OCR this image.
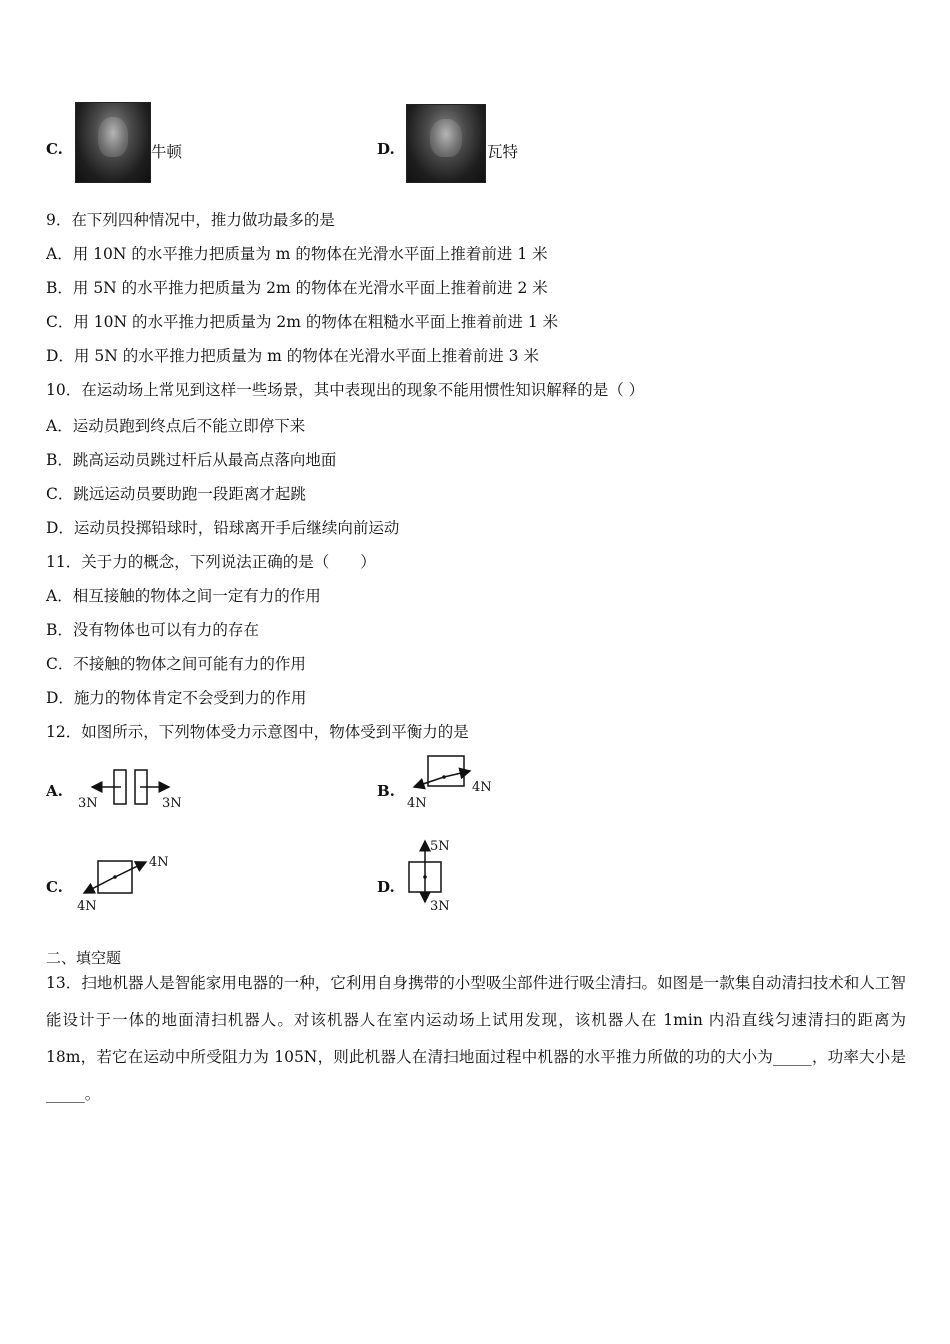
C.	牛顿	D.	瓦特
9．在下列四种情况中，推力做功最多的是
A．用 10N 的水平推力把质量为 m 的物体在光滑水平面上推着前进 1 米
B．用 5N 的水平推力把质量为 2m 的物体在光滑水平面上推着前进 2 米
C．用 10N 的水平推力把质量为 2m 的物体在粗糙水平面上推着前进 1 米
D．用 5N 的水平推力把质量为 m 的物体在光滑水平面上推着前进 3 米
10．在运动场上常见到这样一些场景，其中表现出的现象不能用惯性知识解释的是（ ）
A．运动员跑到终点后不能立即停下来
B．跳高运动员跳过杆后从最高点落向地面
C．跳远运动员要助跑一段距离才起跳
D．运动员投掷铅球时，铅球离开手后继续向前运动
11．关于力的概念，下列说法正确的是（　　）
A．相互接触的物体之间一定有力的作用
B．没有物体也可以有力的存在
C．不接触的物体之间可能有力的作用
D．施力的物体肯定不会受到力的作用
12．如图所示，下列物体受力示意图中，物体受到平衡力的是
A.
3N	3N
B.	4N
4N
C.
4N
4N
D.
5N
3N
二、填空题
13．扫地机器人是智能家用电器的一种，它利用自身携带的小型吸尘部件进行吸尘清扫。如图是一款集自动清扫技术和人工智能设计于一体的地面清扫机器人。对该机器人在室内运动场上试用发现，该机器人在 1min 内沿直线匀速清扫的距离为 18m，若它在运动中所受阻力为 105N，则此机器人在清扫地面过程中机器的水平推力所做的功的大小为_____，功率大小是_____。
